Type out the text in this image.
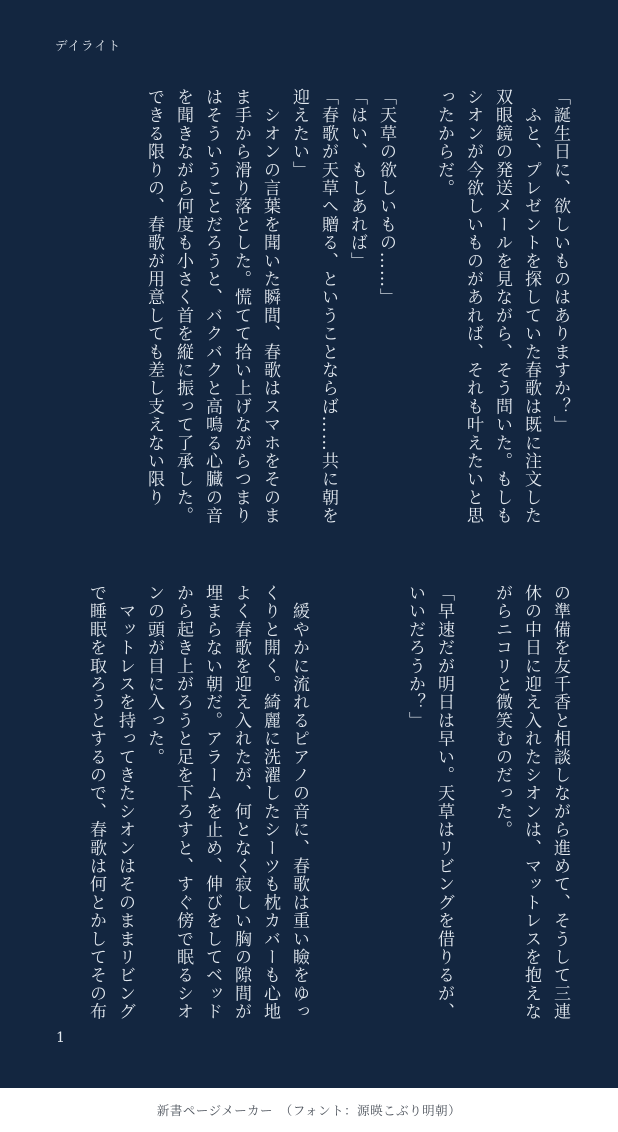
デイライト
「誕生日に、欲しいものはありますか？」
　ふと、プレゼントを探していた春歌は既に注文した
双眼鏡の発送メールを見ながら、そう問いた。もしも
シオンが今欲しいものがあれば、それも叶えたいと思
ったからだ。

「天草の欲しいもの……」
「はい、もしあれば」
「春歌が天草へ贈る、ということならば……共に朝を
迎えたい」
　シオンの言葉を聞いた瞬間、春歌はスマホをそのま
ま手から滑り落とした。慌てて拾い上げながらつまり
はそういうことだろうと、バクバクと高鳴る心臓の音
を聞きながら何度も小さく首を縦に振って了承した。
できる限りの、春歌が用意しても差し支えない限り
の準備を友千香と相談しながら進めて、そうして三連
休の中日に迎え入れたシオンは、マットレスを抱えな
がらニコリと微笑むのだった。

「早速だが明日は早い。天草はリビングを借りるが、
いいだろうか？」

　緩やかに流れるピアノの音に、春歌は重い瞼をゆっ
くりと開く。綺麗に洗濯したシーツも枕カバーも心地
よく春歌を迎え入れたが、何となく寂しい胸の隙間が
埋まらない朝だ。アラームを止め、伸びをしてベッド
から起き上がろうと足を下ろすと、すぐ傍で眠るシオ
ンの頭が目に入った。
　マットレスを持ってきたシオンはそのままリビング
で睡眠を取ろうとするので、春歌は何とかしてその布
1
新書ページメーカー　（フォント：源暎こぶり明朝）
